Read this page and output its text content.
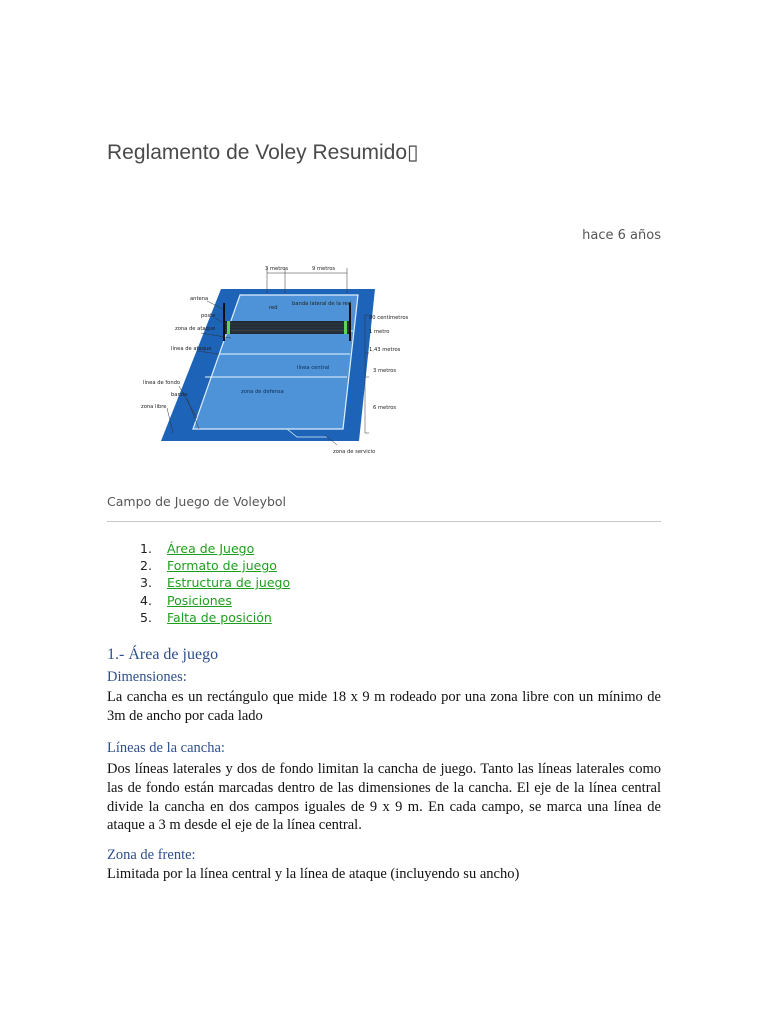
Reglamento de Voley Resumido▯
hace 6 años
3 metros	9 metros
antena
poste
zona de ataque
línea de ataque
línea de fondo
banda
zona libre
red
banda lateral de la red
80 centímetros
1 metro
1,43 metros
línea central
zona de defensa
3 metros
6 metros
zona de servicio
Campo de Juego de Voleybol
1. Área de Juego
2. Formato de juego
3. Estructura de juego
4. Posiciones
5. Falta de posición
1.- Área de juego
Dimensiones:
La cancha es un rectángulo que mide 18 x 9 m rodeado por una zona libre con un mínimo de 3m de ancho por cada lado
Líneas de la cancha:
Dos líneas laterales y dos de fondo limitan la cancha de juego. Tanto las líneas laterales como las de fondo están marcadas dentro de las dimensiones de la cancha. El eje de la línea central divide la cancha en dos campos iguales de 9 x 9 m. En cada campo, se marca una línea de ataque a 3 m desde el eje de la línea central.
Zona de frente:
Limitada por la línea central y la línea de ataque (incluyendo su ancho)
